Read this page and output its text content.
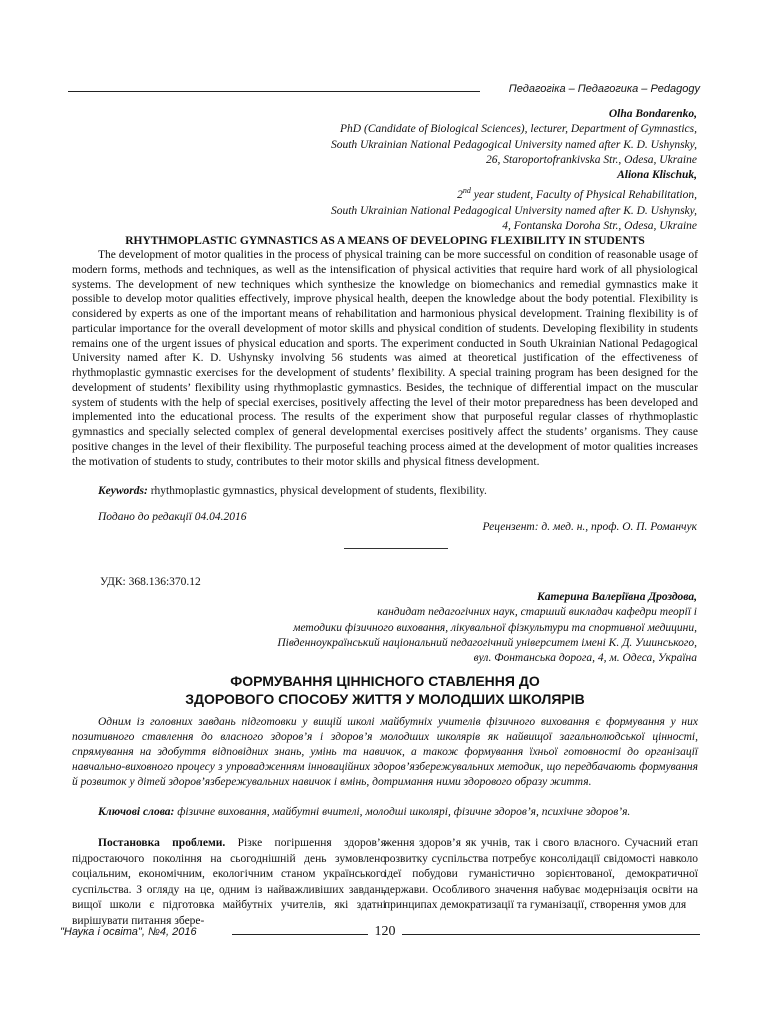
Педагогіка – Педагогика – Pedagogy
Olha Bondarenko,
PhD (Candidate of Biological Sciences), lecturer, Department of Gymnastics,
South Ukrainian National Pedagogical University named after K. D. Ushynsky,
26, Staroportofrankivska Str., Odesa, Ukraine
Aliona Klischuk,
2nd year student, Faculty of Physical Rehabilitation,
South Ukrainian National Pedagogical University named after K. D. Ushynsky,
4, Fontanska Doroha Str., Odesa, Ukraine
RHYTHMOPLASTIC GYMNASTICS AS A MEANS OF DEVELOPING FLEXIBILITY IN STUDENTS

The development of motor qualities in the process of physical training can be more successful on condition of reasonable usage of modern forms, methods and techniques, as well as the intensification of physical activities that require hard work of all physiological systems. The development of new techniques which synthesize the knowledge on biomechanics and remedial gymnastics make it possible to develop motor qualities effectively, improve physical health, deepen the knowledge about the body potential. Flexibility is considered by experts as one of the important means of rehabilitation and harmonious physical development. Training flexibility is of particular importance for the overall development of motor skills and physical condition of students. Developing flexibility in students remains one of the urgent issues of physical education and sports. The experiment conducted in South Ukrainian National Pedagogical University named after K. D. Ushynsky involving 56 students was aimed at theoretical justification of the effectiveness of rhythmoplastic gymnastic exercises for the development of students’ flexibility. A special training program has been designed for the development of students’ flexibility using rhythmoplastic gymnastics. Besides, the technique of differential impact on the muscular system of students with the help of special exercises, positively affecting the level of their motor preparedness has been developed and implemented into the educational process. The results of the experiment show that purposeful regular classes of rhythmoplastic gymnastics and specially selected complex of general developmental exercises positively affect the students’ organisms. They cause positive changes in the level of their flexibility. The purposeful teaching process aimed at the development of motor qualities increases the motivation of students to study, contributes to their motor skills and physical fitness development.

Keywords: rhythmoplastic gymnastics, physical development of students, flexibility.

Подано до редакції 04.04.2016
Рецензент: д. мед. н., проф. О. П. Романчук
УДК: 368.136:370.12
Катерина Валеріївна Дроздова,
кандидат педагогічних наук, старший викладач кафедри теорії і
методики фізичного виховання, лікувальної фізкультури та спортивної медицини,
Південноукраїнський національний педагогічний університет імені К. Д. Ушинського,
вул. Фонтанська дорога, 4, м. Одеса, Україна
ФОРМУВАННЯ ЦІННІСНОГО СТАВЛЕННЯ ДО
ЗДОРОВОГО СПОСОБУ ЖИТТЯ У МОЛОДШИХ ШКОЛЯРІВ

Одним із головних завдань підготовки у вищій школі майбутніх учителів фізичного виховання є формування у них позитивного ставлення до власного здоров’я і здоров’я молодших школярів як найвищої загальнолюдської цінності, спрямування на здобуття відповідних знань, умінь та навичок, а також формування їхньої готовності до організації навчально-виховного процесу з упровадженням інноваційних здоров’язбережувальних методик, що передбачають формування й розвиток у дітей здоров’язбережувальних навичок і вмінь, дотримання ними здорового образу життя.

Ключові слова: фізичне виховання, майбутні вчителі, молодші школярі, фізичне здоров’я, психічне здоров’я.

Постановка проблеми. Різке погіршення здоров’я підростаючого покоління на сьогоднішній день зумовлено соціальним, економічним, екологічним станом українського суспільства. З огляду на це, одним із найважливіших завдань вищої школи є підготовка майбутніх учителів, які здатні вирішувати питання збере-

ження здоров’я як учнів, так і свого власного. Сучасний етап розвитку суспільства потребує консолідації свідомості навколо ідеї побудови гуманістично зорієнтованої, демократичної держави. Особливого значення набуває модернізація освіти на принципах демократизації та гуманізації, створення умов для

"Наука і освіта", №4, 2016	120
